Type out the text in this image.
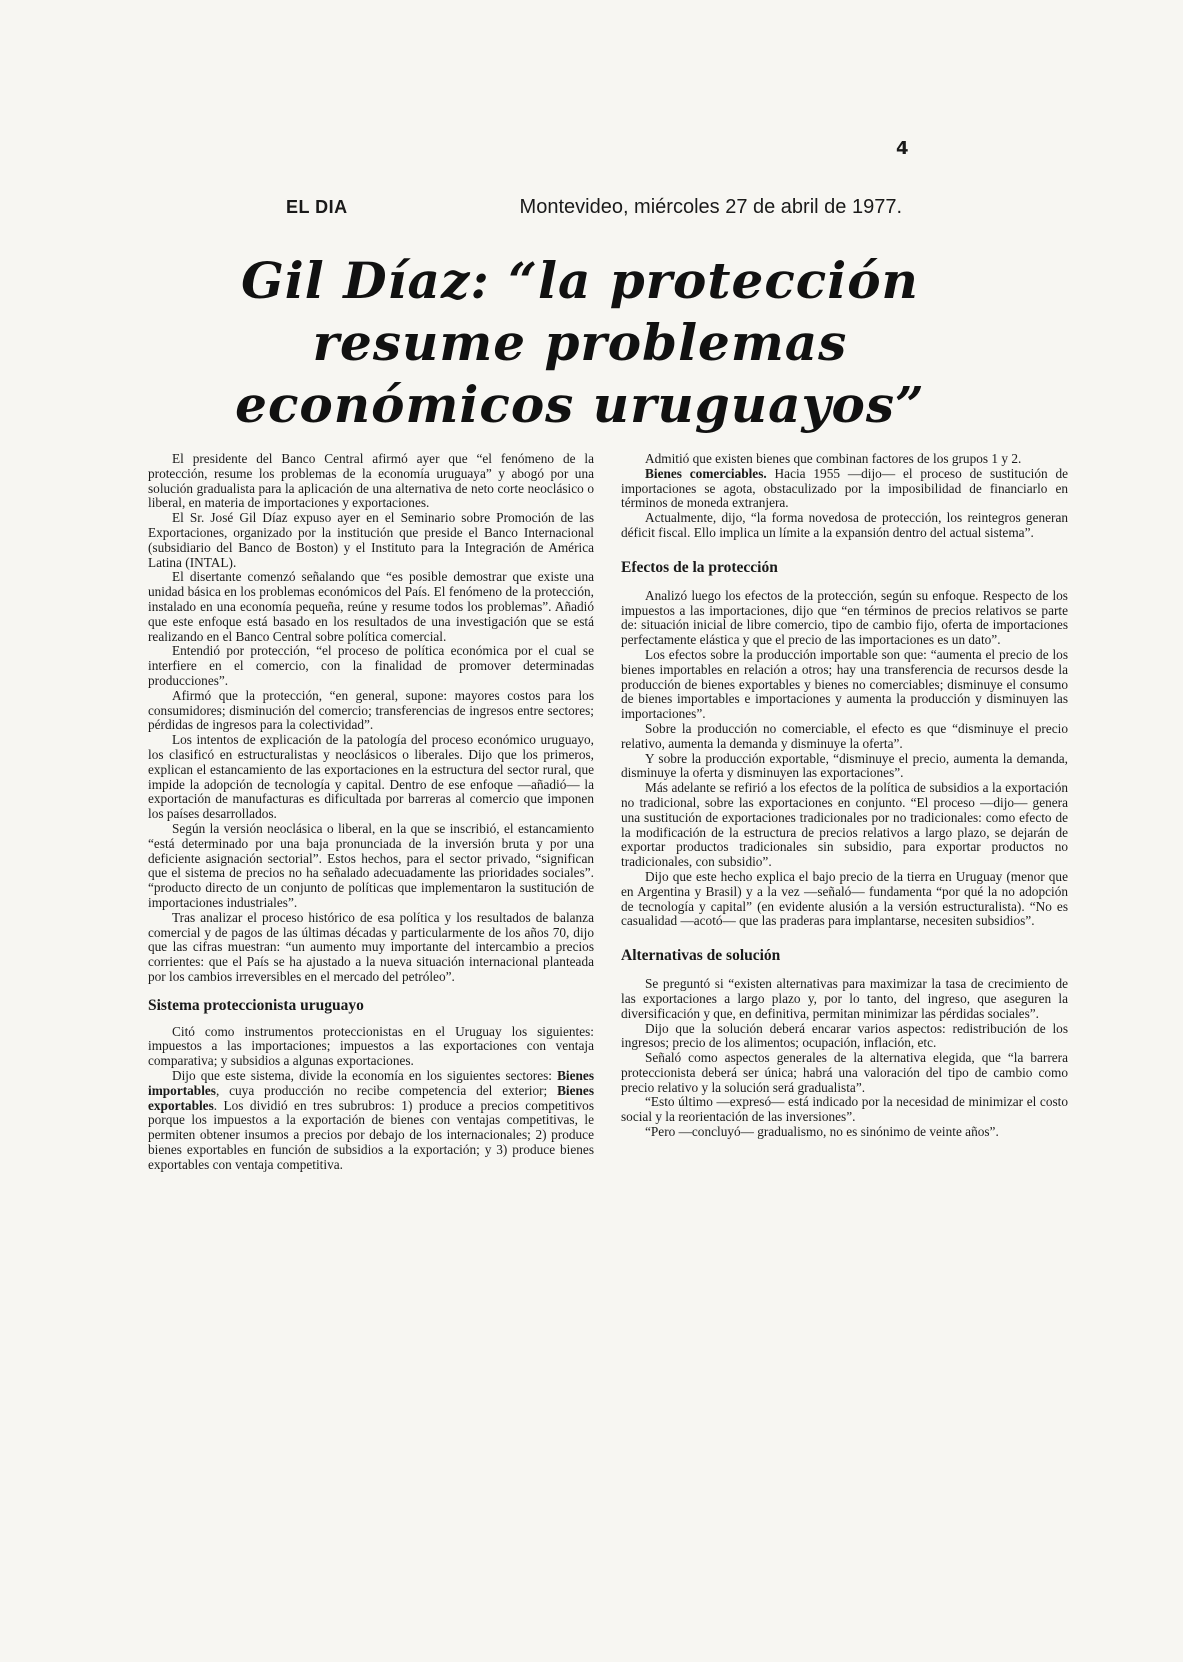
4
EL DIA	Montevideo, miércoles 27 de abril de 1977.
Gil Díaz: “la protección
resume problemas
económicos uruguayos”

El presidente del Banco Central afirmó ayer que “el fenómeno de la protección, resume los problemas de la economía uruguaya” y abogó por una solución gradualista para la aplicación de una alternativa de neto corte neoclásico o liberal, en materia de importaciones y exportaciones.

El Sr. José Gil Díaz expuso ayer en el Seminario sobre Promoción de las Exportaciones, organizado por la institución que preside el Banco Internacional (subsidiario del Banco de Boston) y el Instituto para la Integración de América Latina (INTAL).

El disertante comenzó señalando que “es posible demostrar que existe una unidad básica en los problemas económicos del País. El fenómeno de la protección, instalado en una economía pequeña, reúne y resume todos los problemas”. Añadió que este enfoque está basado en los resultados de una investigación que se está realizando en el Banco Central sobre política comercial.

Entendió por protección, “el proceso de política económica por el cual se interfiere en el comercio, con la finalidad de promover determinadas producciones”.

Afirmó que la protección, “en general, supone: mayores costos para los consumidores; disminución del comercio; transferencias de ingresos entre sectores; pérdidas de ingresos para la colectividad”.

Los intentos de explicación de la patología del proceso económico uruguayo, los clasificó en estructuralistas y neoclásicos o liberales. Dijo que los primeros, explican el estancamiento de las exportaciones en la estructura del sector rural, que impide la adopción de tecnología y capital. Dentro de ese enfoque —añadió— la exportación de manufacturas es dificultada por barreras al comercio que imponen los países desarrollados.

Según la versión neoclásica o liberal, en la que se inscribió, el estancamiento “está determinado por una baja pronunciada de la inversión bruta y por una deficiente asignación sectorial”. Estos hechos, para el sector privado, “significan que el sistema de precios no ha señalado adecuadamente las prioridades sociales”. “producto directo de un conjunto de políticas que implementaron la sustitución de importaciones industriales”.

Tras analizar el proceso histórico de esa política y los resultados de balanza comercial y de pagos de las últimas décadas y particularmente de los años 70, dijo que las cifras muestran: “un aumento muy importante del intercambio a precios corrientes: que el País se ha ajustado a la nueva situación internacional planteada por los cambios irreversibles en el mercado del petróleo”.

Sistema proteccionista uruguayo

Citó como instrumentos proteccionistas en el Uruguay los siguientes: impuestos a las importaciones; impuestos a las exportaciones con ventaja comparativa; y subsidios a algunas exportaciones.

Dijo que este sistema, divide la economía en los siguientes sectores: Bienes importables, cuya producción no recibe competencia del exterior; Bienes exportables. Los dividió en tres subrubros: 1) produce a precios competitivos porque los impuestos a la exportación de bienes con ventajas competitivas, le permiten obtener insumos a precios por debajo de los internacionales; 2) produce bienes exportables en función de subsidios a la exportación; y 3) produce bienes exportables con ventaja competitiva.

Admitió que existen bienes que combinan factores de los grupos 1 y 2.

Bienes comerciables. Hacia 1955 —dijo— el proceso de sustitución de importaciones se agota, obstaculizado por la imposibilidad de financiarlo en términos de moneda extranjera.

Actualmente, dijo, “la forma novedosa de protección, los reintegros generan déficit fiscal. Ello implica un límite a la expansión dentro del actual sistema”.

Efectos de la protección

Analizó luego los efectos de la protección, según su enfoque. Respecto de los impuestos a las importaciones, dijo que “en términos de precios relativos se parte de: situación inicial de libre comercio, tipo de cambio fijo, oferta de importaciones perfectamente elástica y que el precio de las importaciones es un dato”.

Los efectos sobre la producción importable son que: “aumenta el precio de los bienes importables en relación a otros; hay una transferencia de recursos desde la producción de bienes exportables y bienes no comerciables; disminuye el consumo de bienes importables e importaciones y aumenta la producción y disminuyen las importaciones”.

Sobre la producción no comerciable, el efecto es que “disminuye el precio relativo, aumenta la demanda y disminuye la oferta”.

Y sobre la producción exportable, “disminuye el precio, aumenta la demanda, disminuye la oferta y disminuyen las exportaciones”.

Más adelante se refirió a los efectos de la política de subsidios a la exportación no tradicional, sobre las exportaciones en conjunto. “El proceso —dijo— genera una sustitución de exportaciones tradicionales por no tradicionales: como efecto de la modificación de la estructura de precios relativos a largo plazo, se dejarán de exportar productos tradicionales sin subsidio, para exportar productos no tradicionales, con subsidio”.

Dijo que este hecho explica el bajo precio de la tierra en Uruguay (menor que en Argentina y Brasil) y a la vez —señaló— fundamenta “por qué la no adopción de tecnología y capital” (en evidente alusión a la versión estructuralista). “No es casualidad —acotó— que las praderas para implantarse, necesiten subsidios”.

Alternativas de solución

Se preguntó si “existen alternativas para maximizar la tasa de crecimiento de las exportaciones a largo plazo y, por lo tanto, del ingreso, que aseguren la diversificación y que, en definitiva, permitan minimizar las pérdidas sociales”.

Dijo que la solución deberá encarar varios aspectos: redistribución de los ingresos; precio de los alimentos; ocupación, inflación, etc.

Señaló como aspectos generales de la alternativa elegida, que “la barrera proteccionista deberá ser única; habrá una valoración del tipo de cambio como precio relativo y la solución será gradualista”.

“Esto último —expresó— está indicado por la necesidad de minimizar el costo social y la reorientación de las inversiones”.

“Pero —concluyó— gradualismo, no es sinónimo de veinte años”.
